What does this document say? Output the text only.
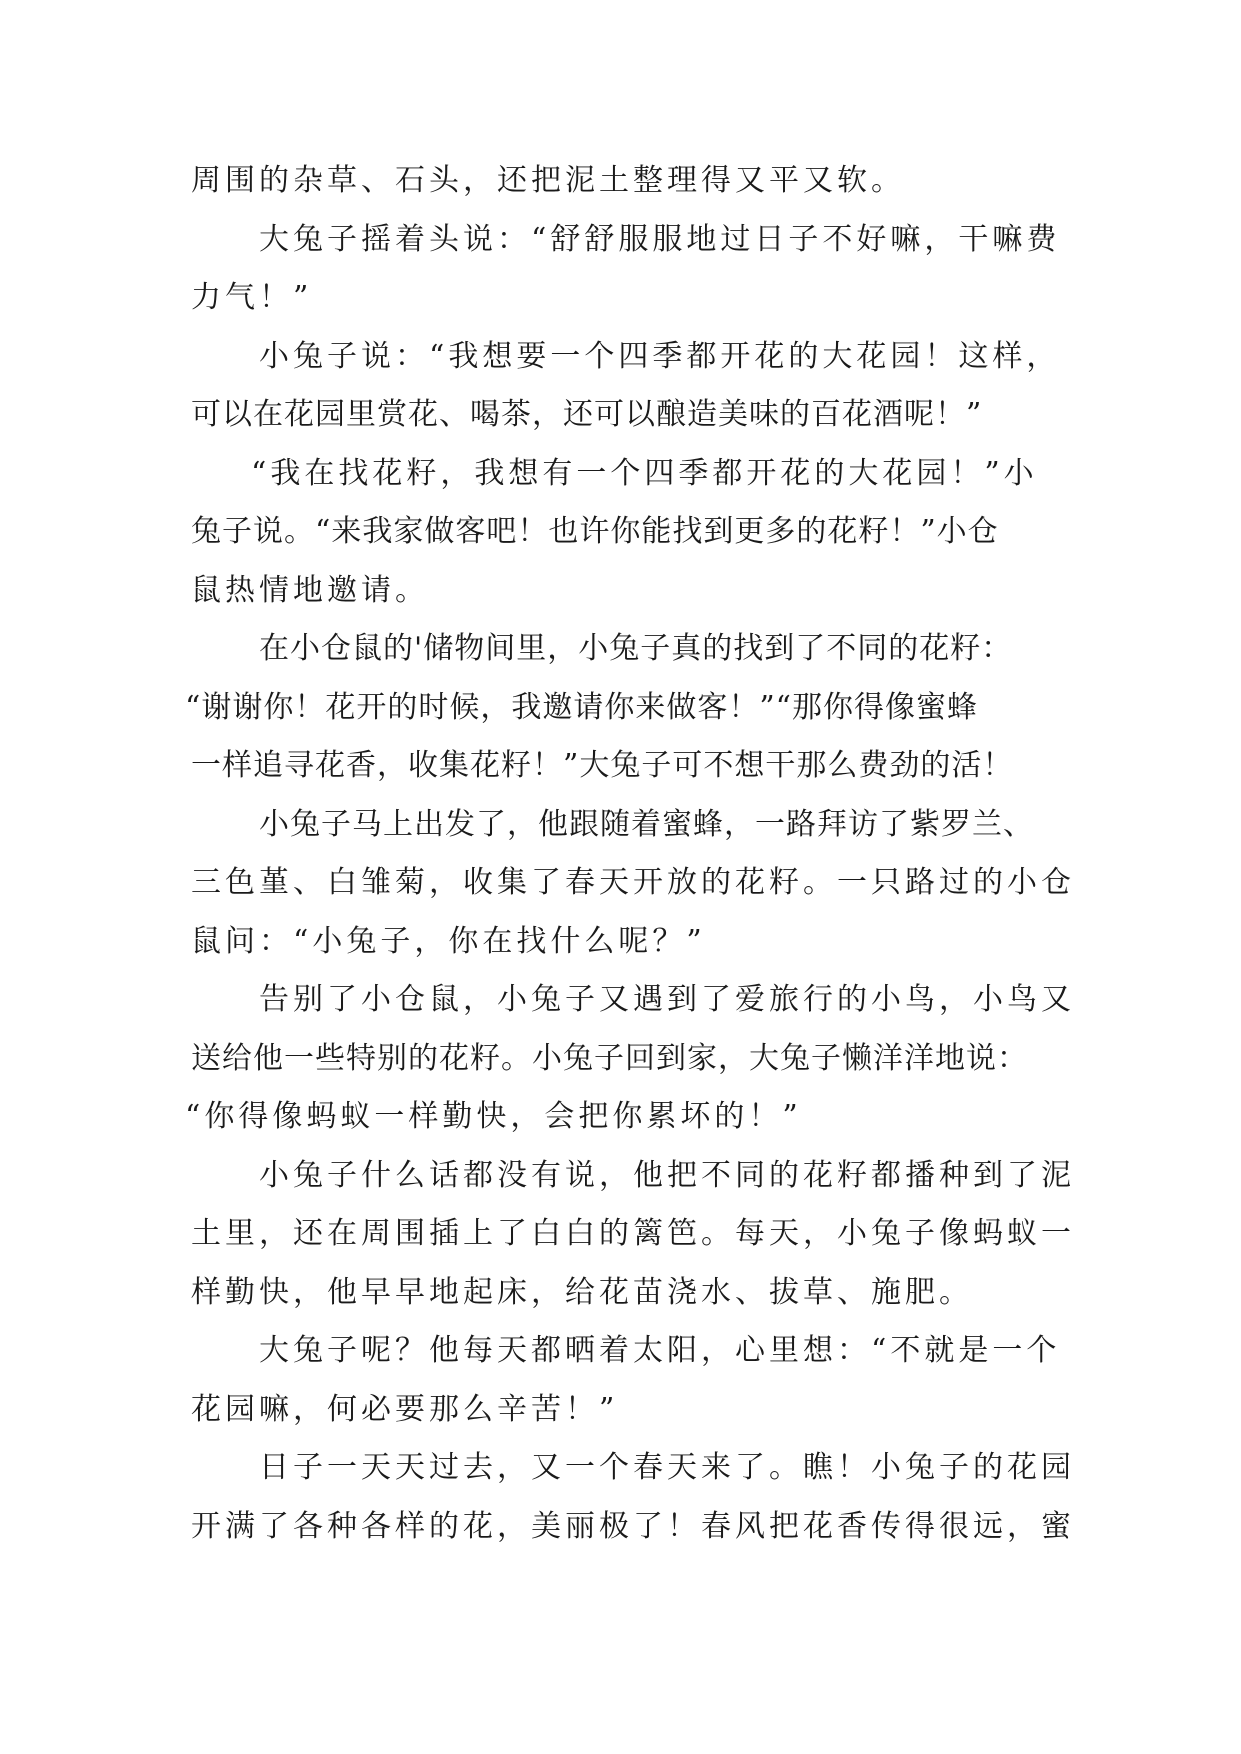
周围的杂草、石头，还把泥土整理得又平又软。
大兔子摇着头说：“舒舒服服地过日子不好嘛，干嘛费
力气！”
小兔子说：“我想要一个四季都开花的大花园！这样，
可以在花园里赏花、喝茶，还可以酿造美味的百花酒呢！”
“我在找花籽，我想有一个四季都开花的大花园！”小
兔子说。“来我家做客吧！也许你能找到更多的花籽！”小仓
鼠热情地邀请。
在小仓鼠的'储物间里，小兔子真的找到了不同的花籽：
“谢谢你！花开的时候，我邀请你来做客！”“那你得像蜜蜂
一样追寻花香，收集花籽！”大兔子可不想干那么费劲的活！
小兔子马上出发了，他跟随着蜜蜂，一路拜访了紫罗兰、
三色堇、白雏菊，收集了春天开放的花籽。一只路过的小仓
鼠问：“小兔子，你在找什么呢？”
告别了小仓鼠，小兔子又遇到了爱旅行的小鸟，小鸟又
送给他一些特别的花籽。小兔子回到家，大兔子懒洋洋地说：
“你得像蚂蚁一样勤快，会把你累坏的！”
小兔子什么话都没有说，他把不同的花籽都播种到了泥
土里，还在周围插上了白白的篱笆。每天，小兔子像蚂蚁一
样勤快，他早早地起床，给花苗浇水、拔草、施肥。
大兔子呢？他每天都晒着太阳，心里想：“不就是一个
花园嘛，何必要那么辛苦！”
日子一天天过去，又一个春天来了。瞧！小兔子的花园
开满了各种各样的花，美丽极了！春风把花香传得很远，蜜
